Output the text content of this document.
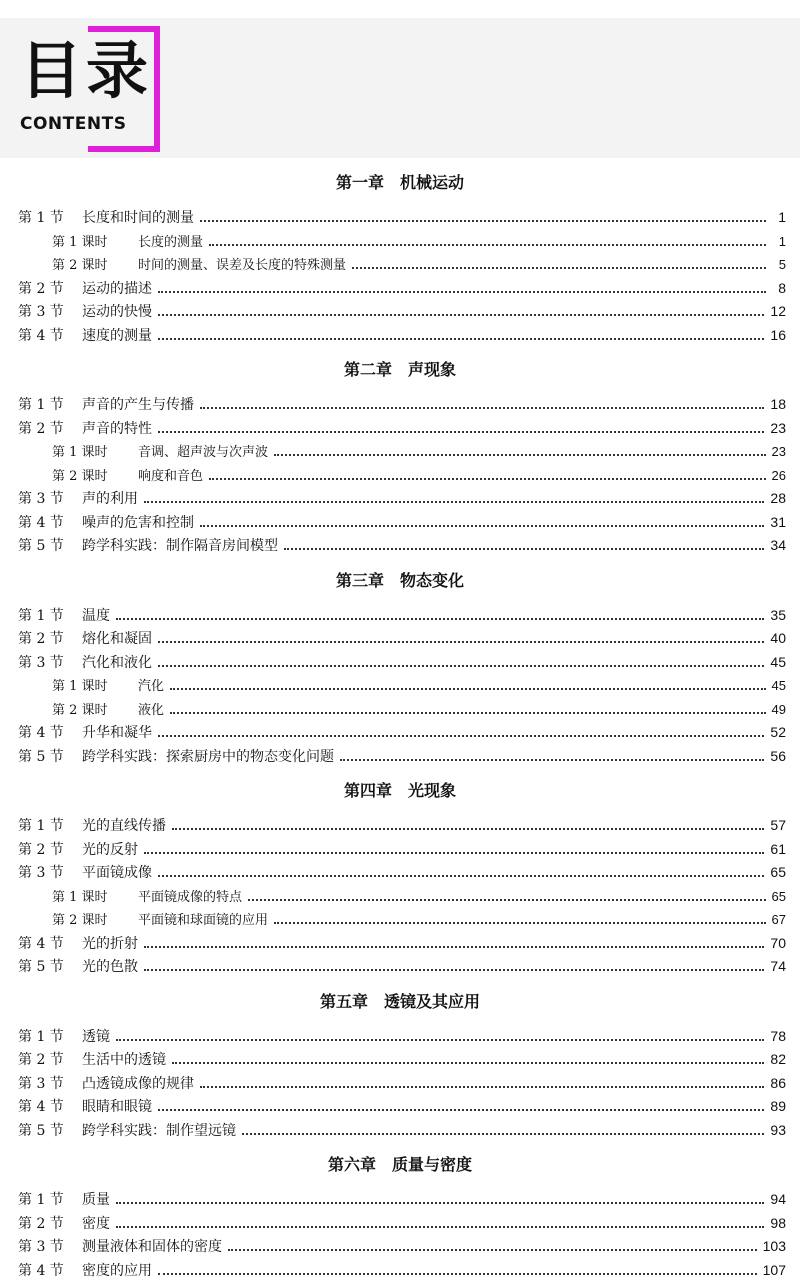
目录
CONTENTS
第一章　机械运动
第 1 节	长度和时间的测量	1
第 1 课时	长度的测量	1
第 2 课时	时间的测量、误差及长度的特殊测量	5
第 2 节	运动的描述	8
第 3 节	运动的快慢	12
第 4 节	速度的测量	16
第二章　声现象
第 1 节	声音的产生与传播	18
第 2 节	声音的特性	23
第 1 课时	音调、超声波与次声波	23
第 2 课时	响度和音色	26
第 3 节	声的利用	28
第 4 节	噪声的危害和控制	31
第 5 节	跨学科实践：制作隔音房间模型	34
第三章　物态变化
第 1 节	温度	35
第 2 节	熔化和凝固	40
第 3 节	汽化和液化	45
第 1 课时	汽化	45
第 2 课时	液化	49
第 4 节	升华和凝华	52
第 5 节	跨学科实践：探索厨房中的物态变化问题	56
第四章　光现象
第 1 节	光的直线传播	57
第 2 节	光的反射	61
第 3 节	平面镜成像	65
第 1 课时	平面镜成像的特点	65
第 2 课时	平面镜和球面镜的应用	67
第 4 节	光的折射	70
第 5 节	光的色散	74
第五章　透镜及其应用
第 1 节	透镜	78
第 2 节	生活中的透镜	82
第 3 节	凸透镜成像的规律	86
第 4 节	眼睛和眼镜	89
第 5 节	跨学科实践：制作望远镜	93
第六章　质量与密度
第 1 节	质量	94
第 2 节	密度	98
第 3 节	测量液体和固体的密度	103
第 4 节	密度的应用	107
